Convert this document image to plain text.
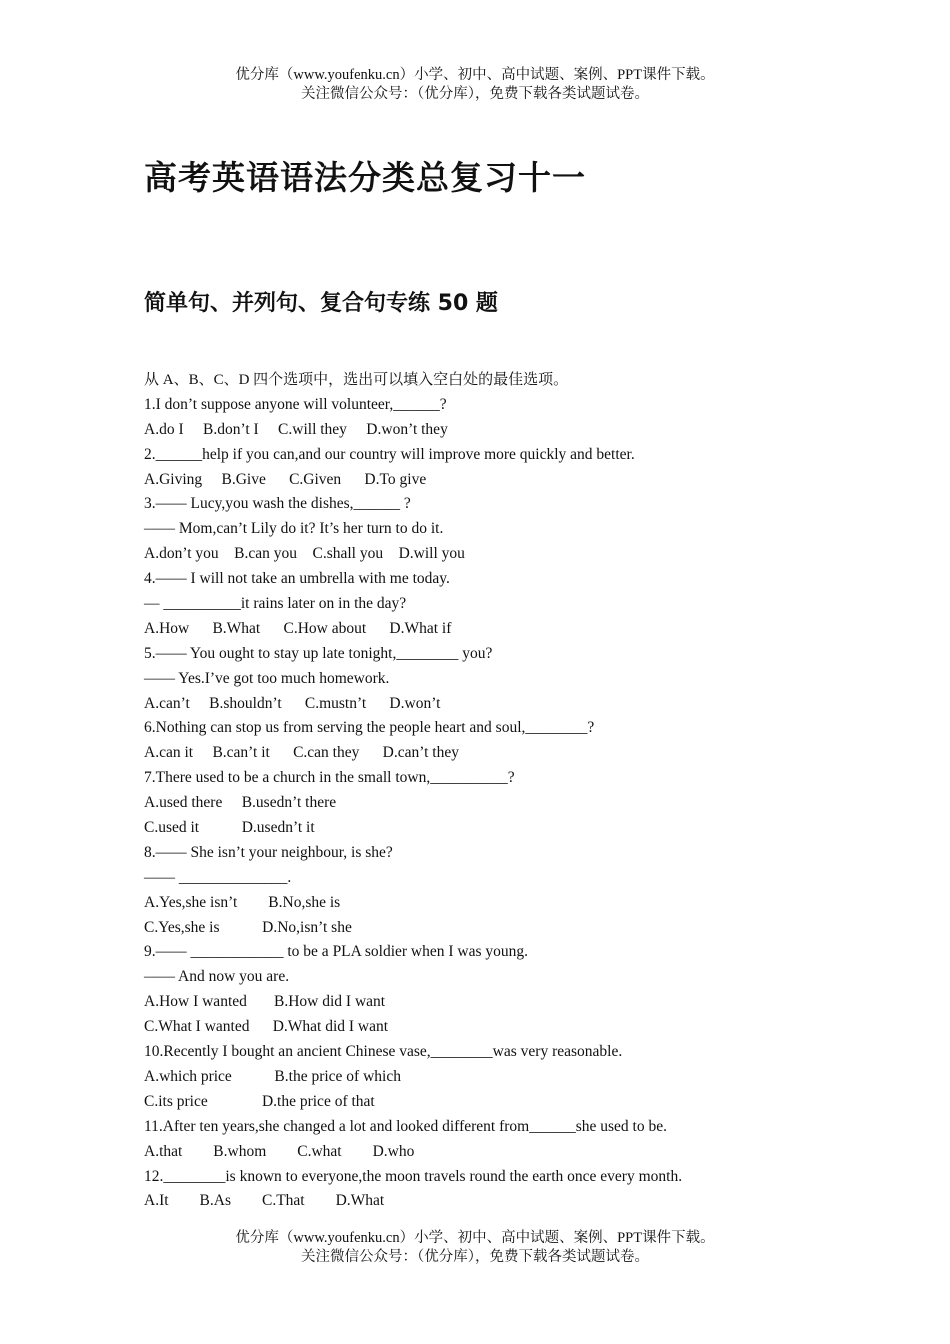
优分库（www.youfenku.cn）小学、初中、高中试题、案例、PPT课件下载。
关注微信公众号：（优分库），免费下载各类试题试卷。
高考英语语法分类总复习十一
简单句、并列句、复合句专练 50 题
从 A、B、C、D 四个选项中，选出可以填入空白处的最佳选项。
1.I don’t suppose anyone will volunteer,______?
A.do I     B.don’t I     C.will they     D.won’t they
2.______help if you can,and our country will improve more quickly and better.
A.Giving     B.Give      C.Given      D.To give
3.—— Lucy,you wash the dishes,______ ?
—— Mom,can’t Lily do it? It’s her turn to do it.
A.don’t you    B.can you    C.shall you    D.will you
4.—— I will not take an umbrella with me today.
— __________it rains later on in the day?
A.How      B.What      C.How about      D.What if
5.—— You ought to stay up late tonight,________ you?
—— Yes.I’ve got too much homework.
A.can’t     B.shouldn’t      C.mustn’t      D.won’t
6.Nothing can stop us from serving the people heart and soul,________?
A.can it     B.can’t it      C.can they      D.can’t they
7.There used to be a church in the small town,__________?
A.used there     B.usedn’t there
C.used it           D.usedn’t it
8.—— She isn’t your neighbour, is she?
—— ______________.
A.Yes,she isn’t        B.No,she is
C.Yes,she is           D.No,isn’t she
9.—— ____________ to be a PLA soldier when I was young.
—— And now you are.
A.How I wanted       B.How did I want
C.What I wanted      D.What did I want
10.Recently I bought an ancient Chinese vase,________was very reasonable.
A.which price           B.the price of which
C.its price              D.the price of that
11.After ten years,she changed a lot and looked different from______she used to be.
A.that        B.whom        C.what        D.who
12.________is known to everyone,the moon travels round the earth once every month.
A.It        B.As        C.That        D.What
优分库（www.youfenku.cn）小学、初中、高中试题、案例、PPT课件下载。
关注微信公众号：（优分库），免费下载各类试题试卷。
